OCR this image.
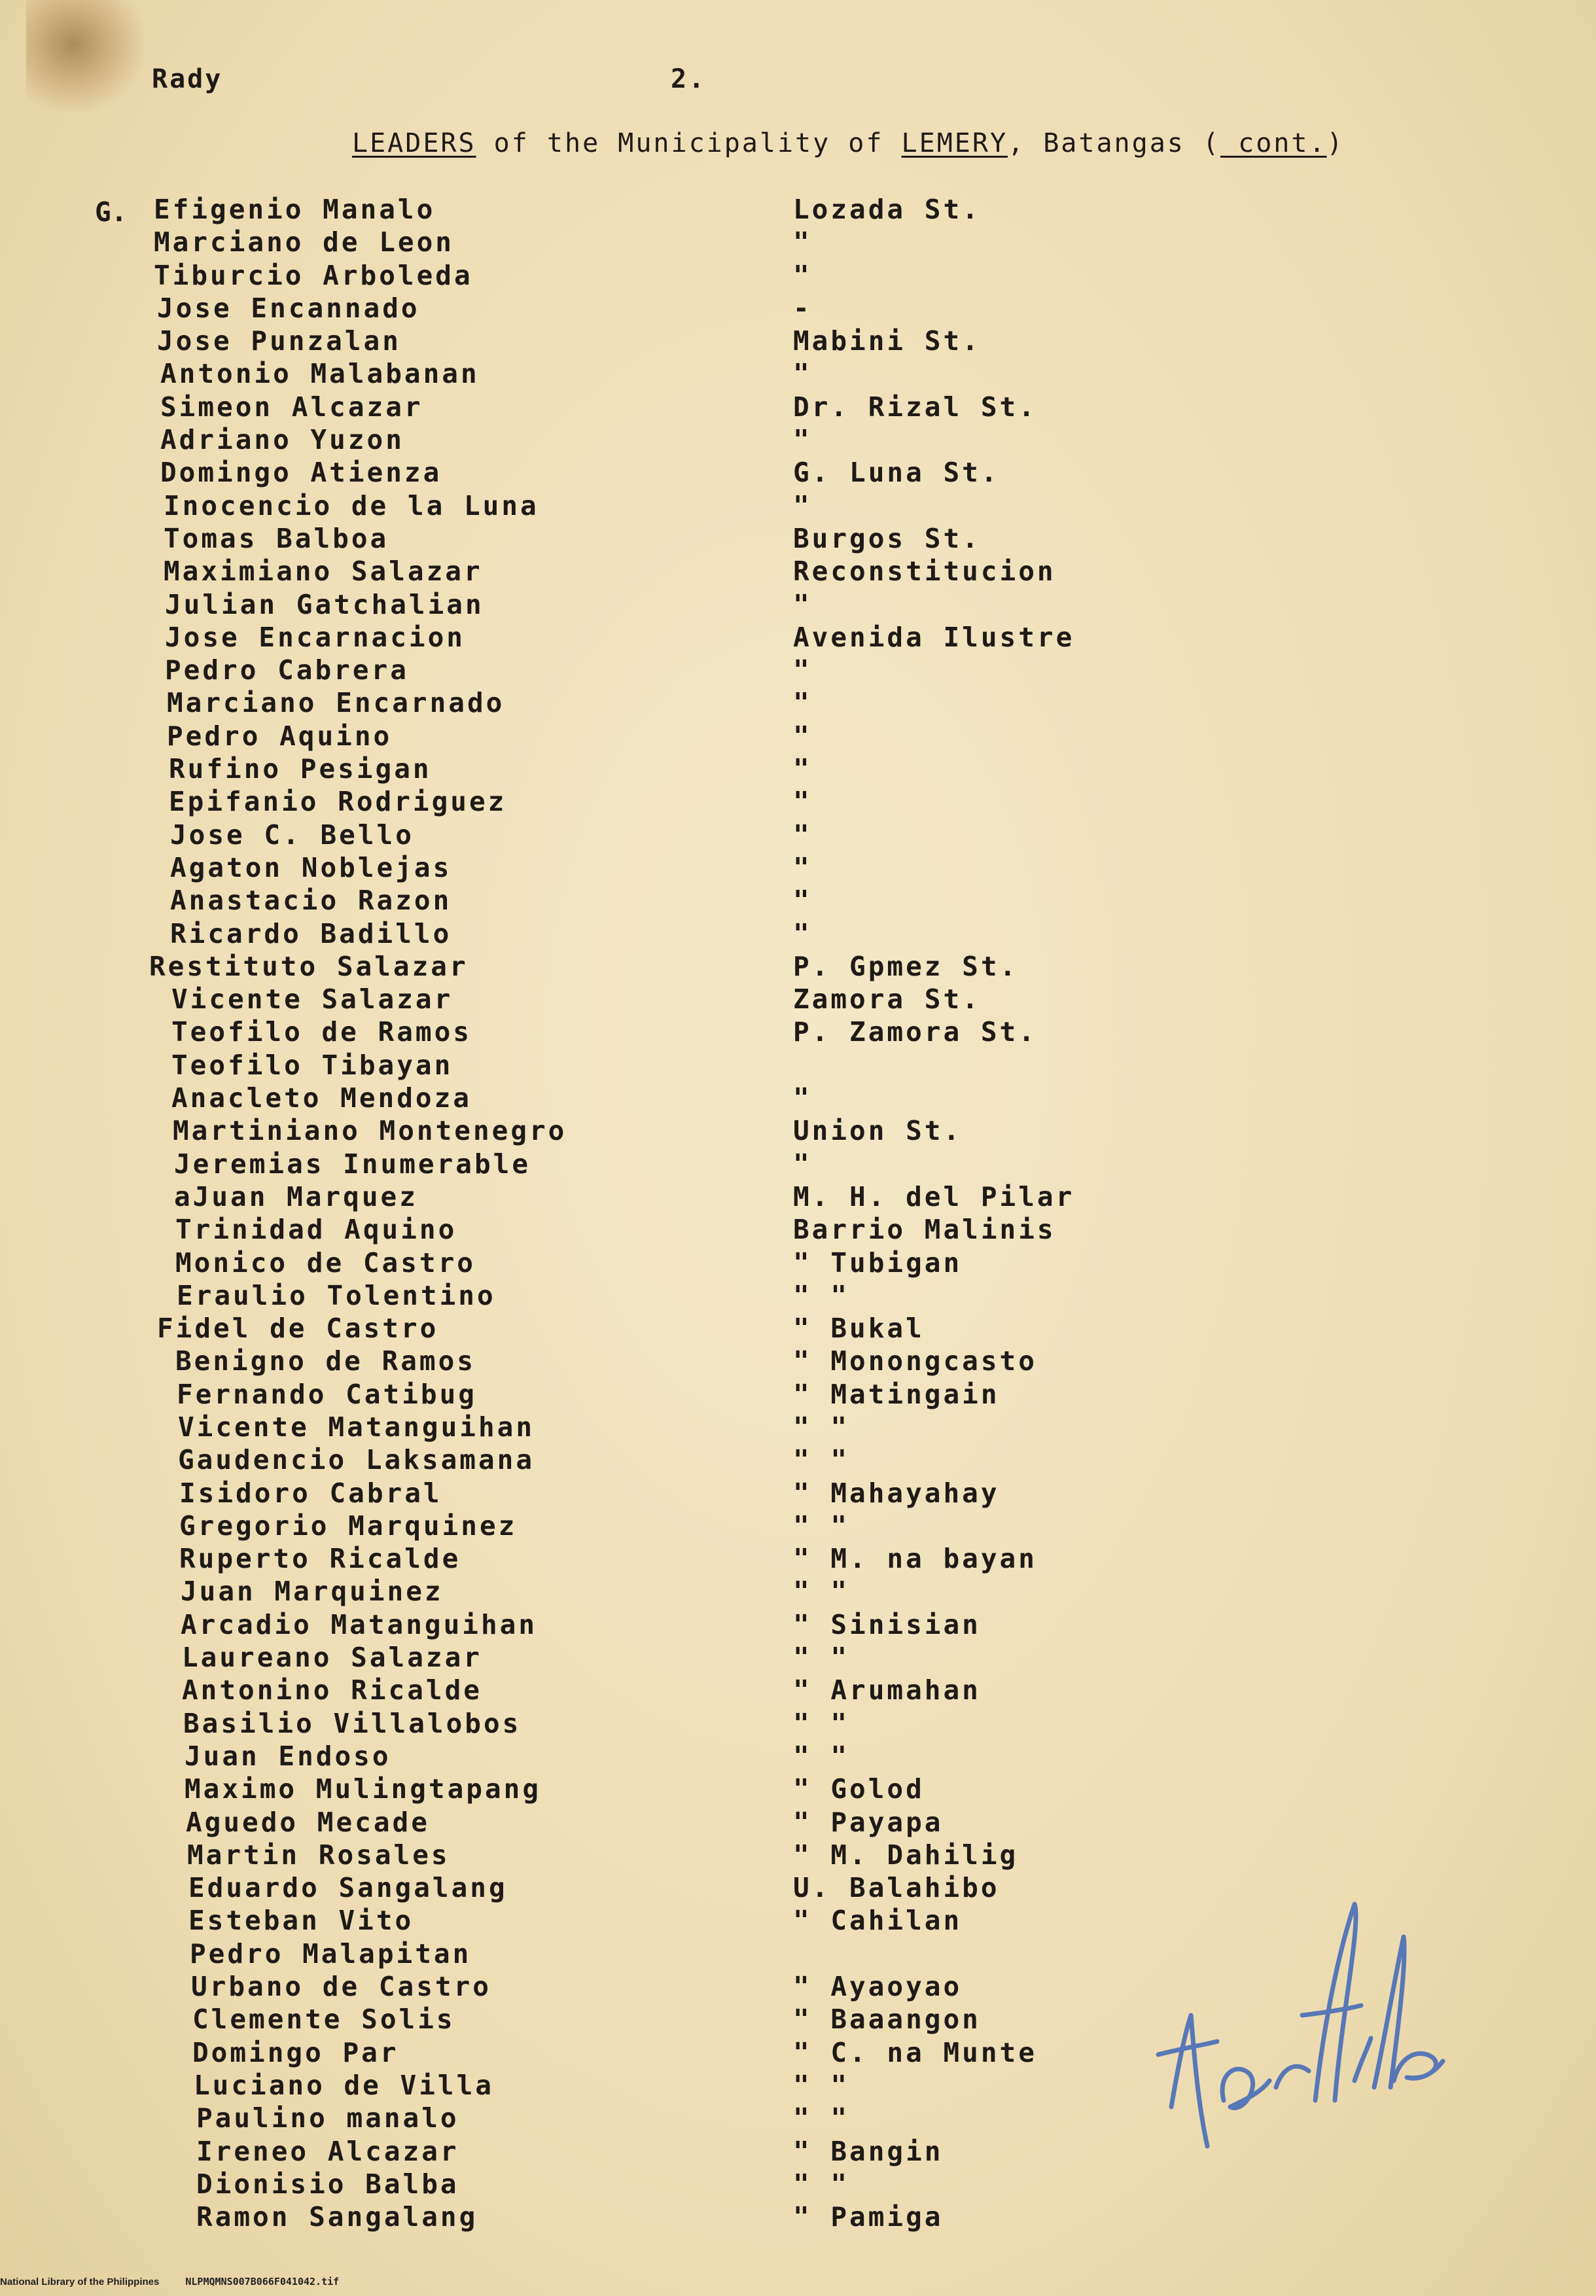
Rady	2.
LEADERS of the Municipality of LEMERY, Batangas ( cont.)
G. Efigenio Manalo	Lozada St.
Marciano de Leon	"
Tiburcio Arboleda	"
Jose Encannado	-
Jose Punzalan	Mabini St.
Antonio Malabanan	"
Simeon Alcazar	Dr. Rizal St.
Adriano Yuzon	"
Domingo Atienza	G. Luna St.
Inocencio de la Luna	"
Tomas Balboa	Burgos St.
Maximiano Salazar	Reconstitucion
Julian Gatchalian	"
Jose Encarnacion	Avenida Ilustre
Pedro Cabrera	"
Marciano Encarnado	"
Pedro Aquino	"
Rufino Pesigan	"
Epifanio Rodriguez	"
Jose C. Bello	"
Agaton Noblejas	"
Anastacio Razon	"
Ricardo Badillo	"
Restituto Salazar	P. Gpmez St.
Vicente Salazar	Zamora St.
Teofilo de Ramos	P. Zamora St.
Teofilo Tibayan
Anacleto Mendoza	"
Martiniano Montenegro	Union St.
Jeremias Inumerable	"
aJuan Marquez	M. H. del Pilar
Trinidad Aquino	Barrio Malinis
Monico de Castro	" Tubigan
Eraulio Tolentino	" "
Fidel de Castro	" Bukal
Benigno de Ramos	" Monongcasto
Fernando Catibug	" Matingain
Vicente Matanguihan	" "
Gaudencio Laksamana	" "
Isidoro Cabral	" Mahayahay
Gregorio Marquinez	" "
Ruperto Ricalde	" M. na bayan
Juan Marquinez	" "
Arcadio Matanguihan	" Sinisian
Laureano Salazar	" "
Antonino Ricalde	" Arumahan
Basilio Villalobos	" "
Juan Endoso	" "
Maximo Mulingtapang	" Golod
Aguedo Mecade	" Payapa
Martin Rosales	" M. Dahilig
Eduardo Sangalang	U. Balahibo
Esteban Vito	" Cahilan
Pedro Malapitan
Urbano de Castro	" Ayaoyao
Clemente Solis	" Baaangon
Domingo Par	" C. na Munte
Luciano de Villa	" "
Paulino manalo	" "
Ireneo Alcazar	" Bangin
Dionisio Balba	" "
Ramon Sangalang	" Pamiga
National Library of the Philippines	NLPMQMNS007B066F041042.tif
